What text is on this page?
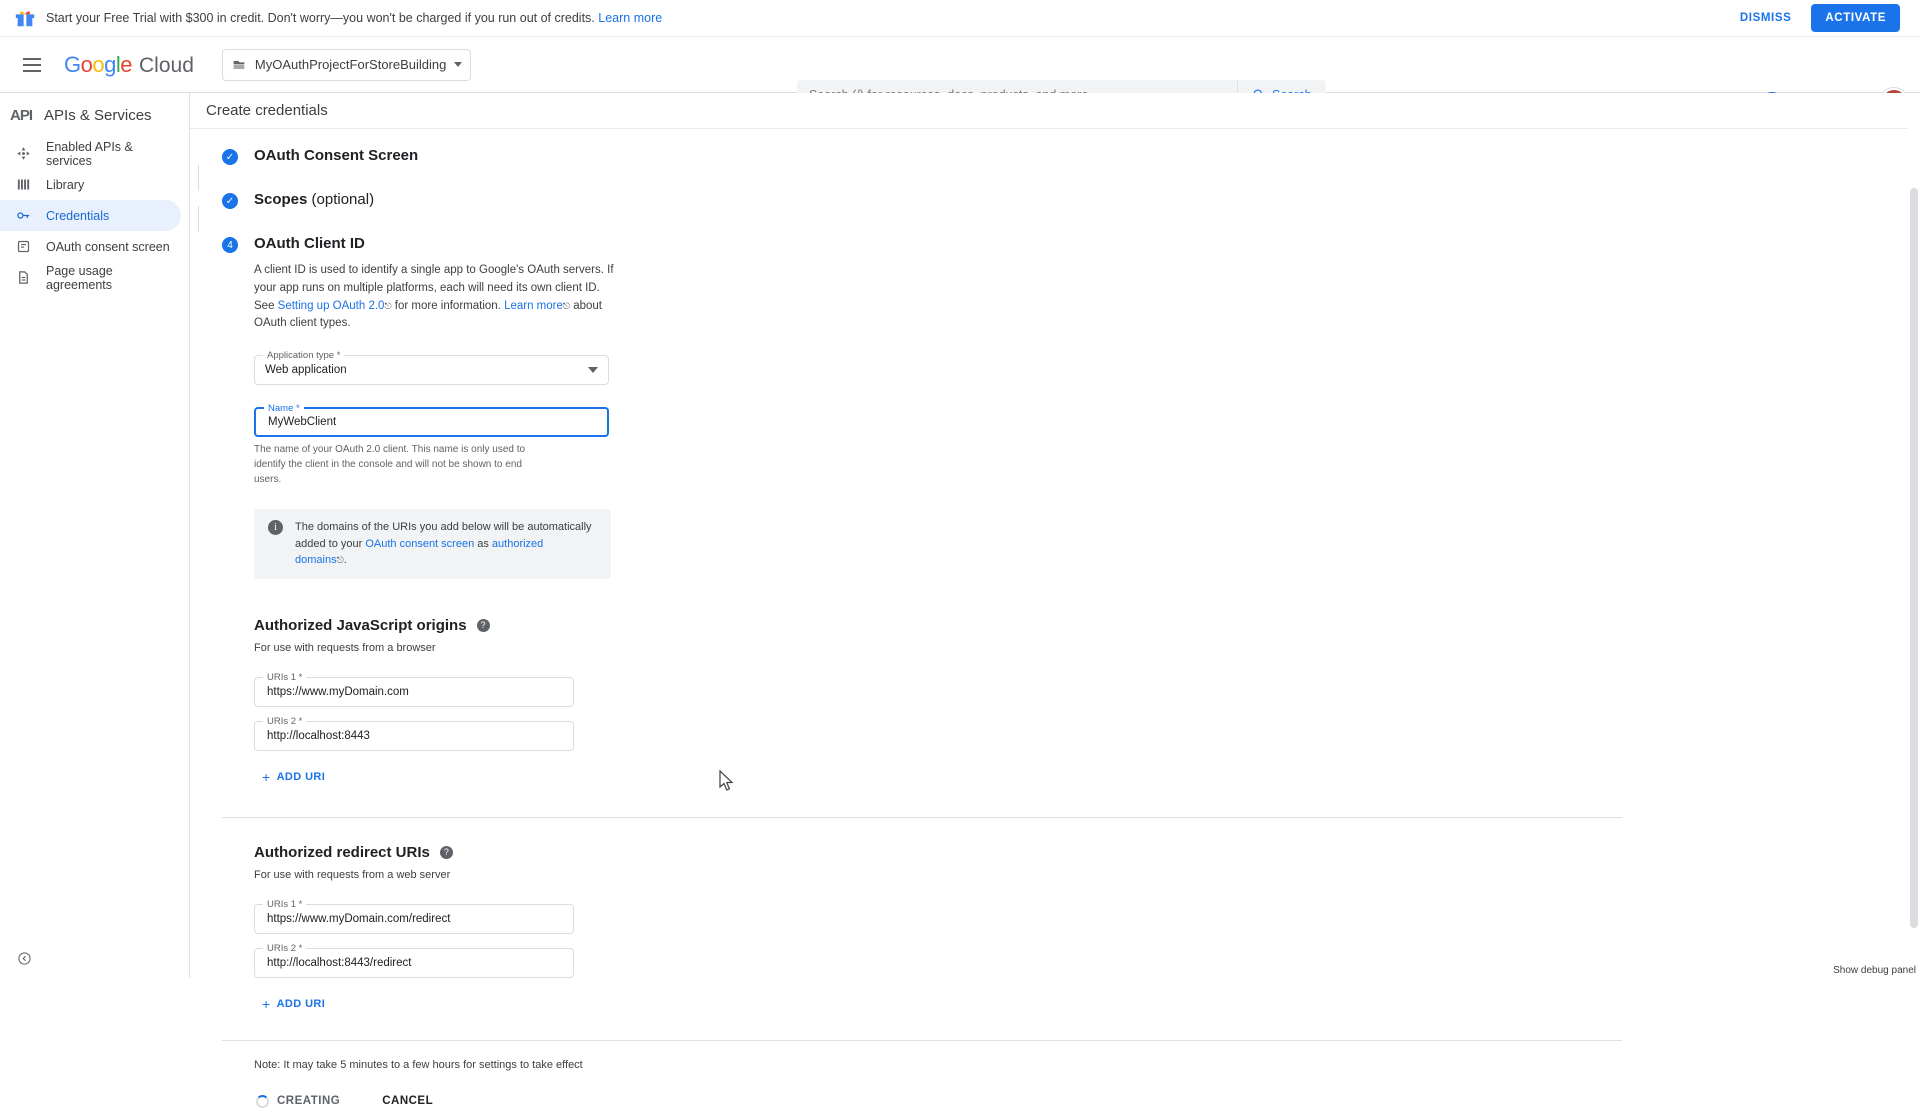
Start your Free Trial with $300 in credit. Don't worry—you won't be charged if you run out of credits. Learn more	DISMISS	ACTIVATE
Google Cloud	MyOAuthProjectForStoreBuilding
Search (/) for resources, docs, products, and more
API APIs & Services
Enabled APIs & services
Library
Credentials
OAuth consent screen
Page usage agreements
Create credentials
✓ OAuth Consent Screen
✓ Scopes (optional)
4	OAuth Client ID
A client ID is used to identify a single app to Google's OAuth servers. If your app runs on multiple platforms, each will need its own client ID. See Setting up OAuth 2.0⎋ for more information. Learn more⎋ about OAuth client types.
Application type *
Web application
Name *
MyWebClient
The name of your OAuth 2.0 client. This name is only used to identify the client in the console and will not be shown to end users.
i	The domains of the URIs you add below will be automatically added to your OAuth consent screen as authorized domains⎋.
Authorized JavaScript origins	?
For use with requests from a browser
URIs 1 *
https://www.myDomain.com
URIs 2 *
http://localhost:8443
+ ADD URI
Authorized redirect URIs	?
For use with requests from a web server
URIs 1 *
https://www.myDomain.com/redirect
URIs 2 *
http://localhost:8443/redirect
+ ADD URI
Note: It may take 5 minutes to a few hours for settings to take effect
CREATING	CANCEL
Show debug panel
